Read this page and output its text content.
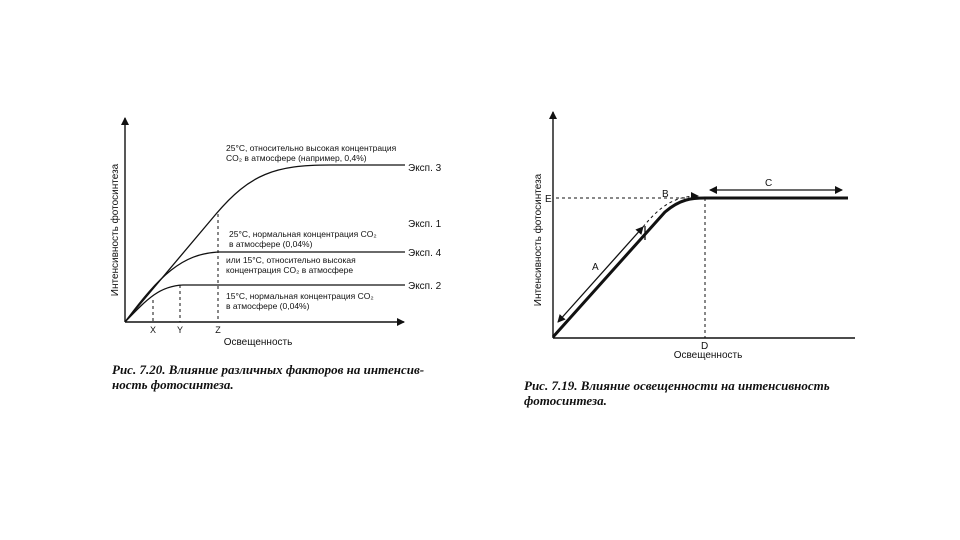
Интенсивность фотосинтеза
Освещенность
X Y	Z
25°C, относительно высокая концентрация
CO₂ в атмосфере (например, 0,4%)
Эксп. 3
Эксп. 1
25°C, нормальная концентрация CO₂
в атмосфере (0,04%)
Эксп. 4
или 15°C, относительно высокая
концентрация CO₂ в атмосфере
Эксп. 2
15°C, нормальная концентрация CO₂
в атмосфере (0,04%)	Интенсивность фотосинтеза
Освещенность
A
B
C
D
E
Рис. 7.20. Влияние различных факторов на интенсив-
ность фотосинтеза.	Рис. 7.19. Влияние освещенности на интенсивность
фотосинтеза.
